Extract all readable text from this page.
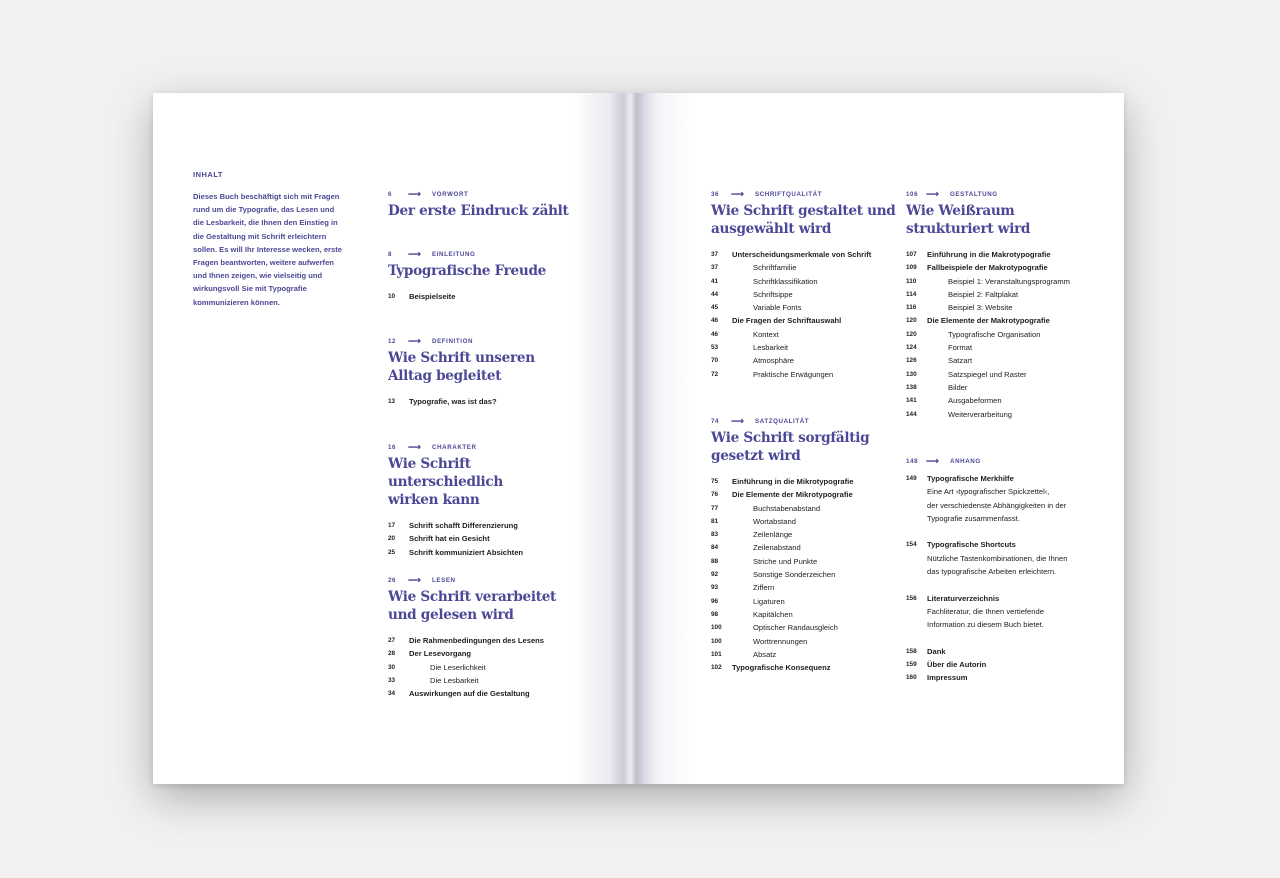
INHALT
Dieses Buch beschäftigt sich mit Fragen rund um die Typografie, das Lesen und die Lesbarkeit, die Ihnen den Einstieg in die Gestaltung mit Schrift erleichtern sollen. Es will Ihr Interesse wecken, erste Fragen beantworten, weitere aufwerfen und Ihnen zeigen, wie vielseitig und wirkungsvoll Sie mit Typografie kommunizieren können.
6	⟶	VORWORT
Der erste Eindruck zählt
8	⟶	EINLEITUNG
Typografische Freude
10	Beispielseite
12	⟶	DEFINITION
Wie Schrift unseren
Alltag begleitet
13	Typografie, was ist das?
16	⟶	CHARAKTER
Wie Schrift unterschiedlich
wirken kann
17	Schrift schafft Differenzierung
20	Schrift hat ein Gesicht
25	Schrift kommuniziert Absichten
26	⟶	LESEN
Wie Schrift verarbeitet
und gelesen wird
27	Die Rahmenbedingungen des Lesens
28	Der Lesevorgang
30	Die Leserlichkeit
33	Die Lesbarkeit
34	Auswirkungen auf die Gestaltung
36	⟶	SCHRIFTQUALITÄT
Wie Schrift gestaltet und
ausgewählt wird
37	Unterscheidungsmerkmale von Schrift
37	Schriftfamilie
41	Schriftklassifikation
44	Schriftsippe
45	Variable Fonts
46	Die Fragen der Schriftauswahl
46	Kontext
53	Lesbarkeit
70	Atmosphäre
72	Praktische Erwägungen
74	⟶	SATZQUALITÄT
Wie Schrift sorgfältig
gesetzt wird
75	Einführung in die Mikrotypografie
76	Die Elemente der Mikrotypografie
77	Buchstabenabstand
81	Wortabstand
83	Zeilenlänge
84	Zeilenabstand
88	Striche und Punkte
92	Sonstige Sonderzeichen
93	Ziffern
96	Ligaturen
98	Kapitälchen
100	Optischer Randausgleich
100	Worttrennungen
101	Absatz
102	Typografische Konsequenz
106 ⟶	GESTALTUNG
Wie Weißraum
strukturiert wird
107	Einführung in die Makrotypografie
109	Fallbeispiele der Makrotypografie
110	Beispiel 1: Veranstaltungsprogramm
114	Beispiel 2: Faltplakat
116	Beispiel 3: Website
120	Die Elemente der Makrotypografie
120	Typografische Organisation
124	Format
126	Satzart
130	Satzspiegel und Raster
138	Bilder
141	Ausgabeformen
144	Weiterverarbeitung
148 ⟶	ANHANG
149	Typografische Merkhilfe
Eine Art ›typografischer Spickzettel‹,
der verschiedenste Abhängigkeiten in der
Typografie zusammenfasst.
154	Typografische Shortcuts
Nützliche Tastenkombinationen, die Ihnen
das typografische Arbeiten erleichtern.
156	Literaturverzeichnis
Fachliteratur, die Ihnen vertiefende
Information zu diesem Buch bietet.
158	Dank
159	Über die Autorin
160	Impressum
